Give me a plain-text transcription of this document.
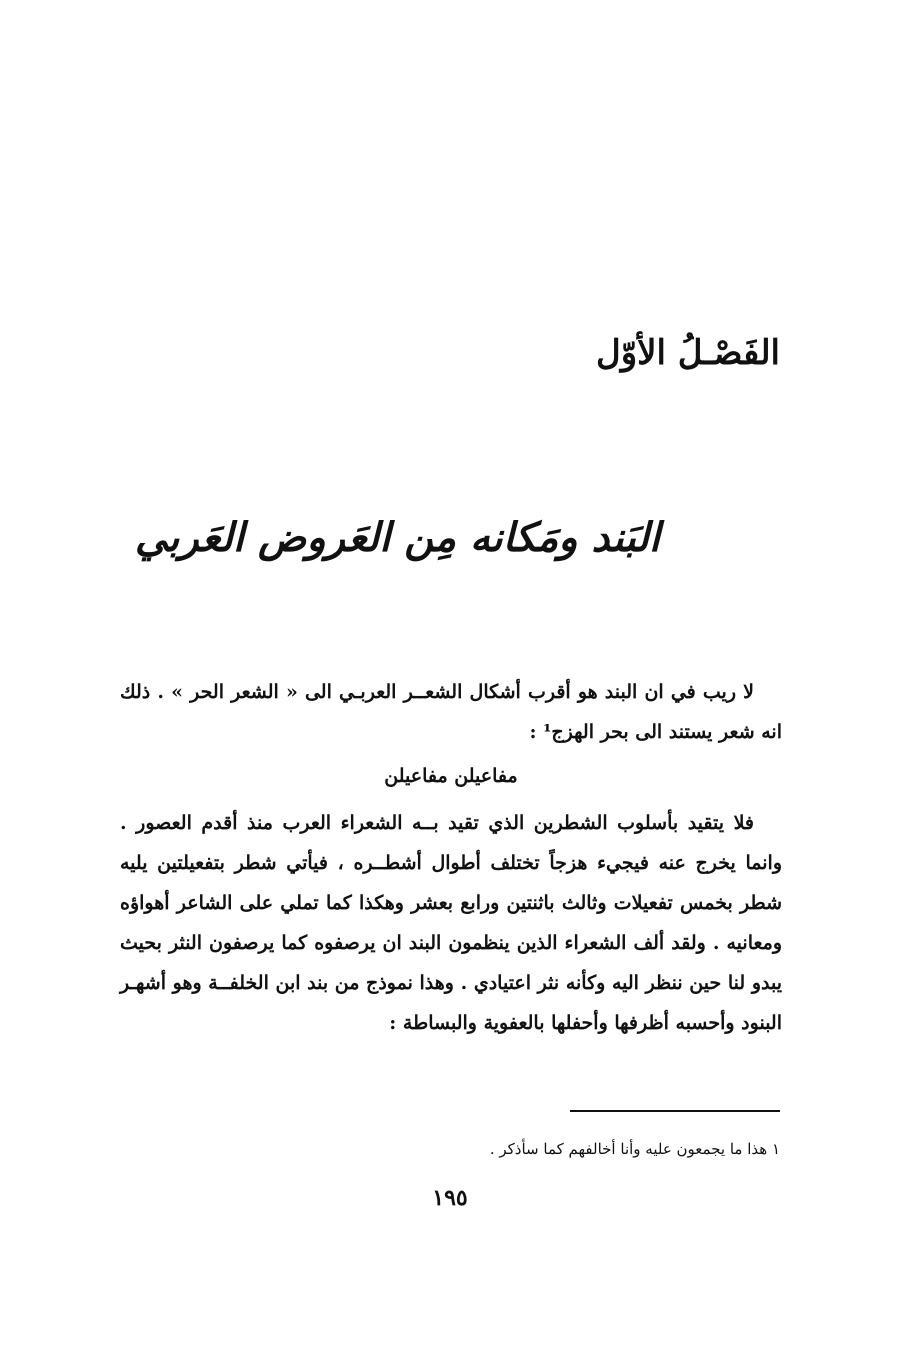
الفَصْـلُ الأوّل
البَند ومَكانه مِن العَروض العَربي
لا ريب في ان البند هو أقرب أشكال الشعــر العربـي الى « الشعر الحر » . ذلك انه شعر يستند الى بحر الهزج¹ :
مفاعيلن مفاعيلن
فلا يتقيد بأسلوب الشطرين الذي تقيد بــه الشعراء العرب منذ أقدم العصور . وانما يخرج عنه فيجيء هزجاً تختلف أطوال أشطــره ، فيأتي شطر بتفعيلتين يليه شطر بخمس تفعيلات وثالث باثنتين ورابع بعشر وهكذا كما تملي على الشاعر أهواؤه ومعانيه . ولقد ألف الشعراء الذين ينظمون البند ان يرصفوه كما يرصفون النثر بحيث يبدو لنا حين ننظر اليه وكأنه نثر اعتيادي . وهذا نموذج من بند ابن الخلفــة وهو أشهـر البنود وأحسبه أظرفها وأحفلها بالعفوية والبساطة :
١ هذا ما يجمعون عليه وأنا أخالفهم كما سأذكر .
١٩٥
